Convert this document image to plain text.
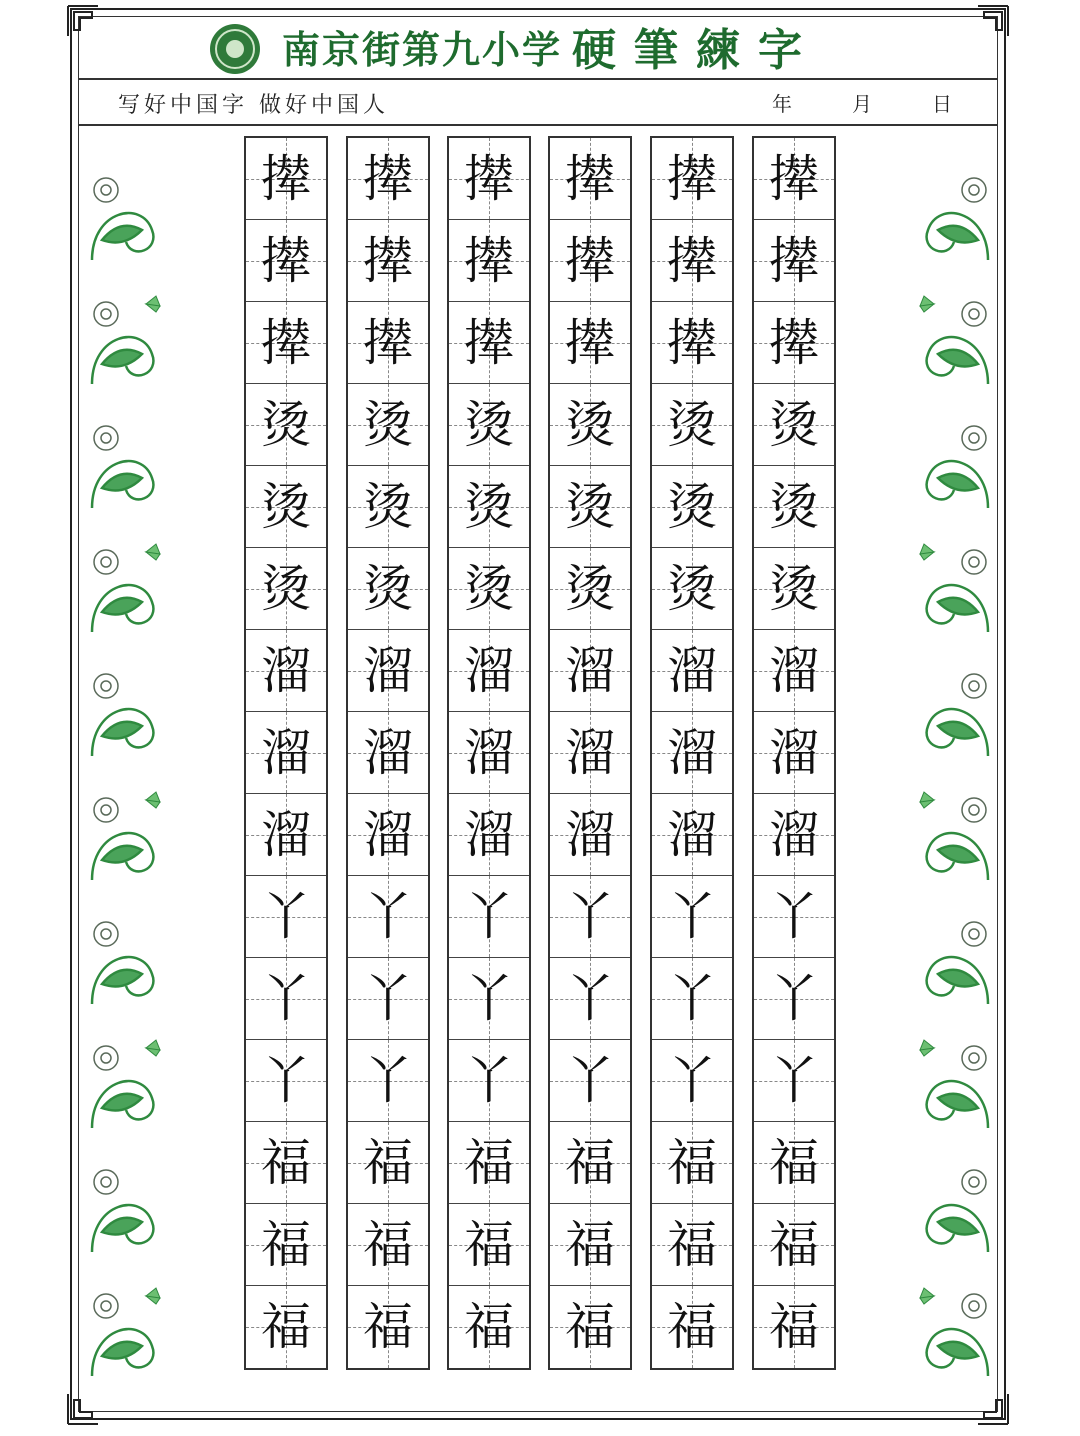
南京街第九小学 硬筆練字
写好中国字 做好中国人	年	月	日
撵
撵
撵
烫
烫
烫
溜
溜
溜
丫
丫
丫
福
福
福
撵
撵
撵
烫
烫
烫
溜
溜
溜
丫
丫
丫
福
福
福
撵
撵
撵
烫
烫
烫
溜
溜
溜
丫
丫
丫
福
福
福
撵
撵
撵
烫
烫
烫
溜
溜
溜
丫
丫
丫
福
福
福
撵
撵
撵
烫
烫
烫
溜
溜
溜
丫
丫
丫
福
福
福
撵
撵
撵
烫
烫
烫
溜
溜
溜
丫
丫
丫
福
福
福
